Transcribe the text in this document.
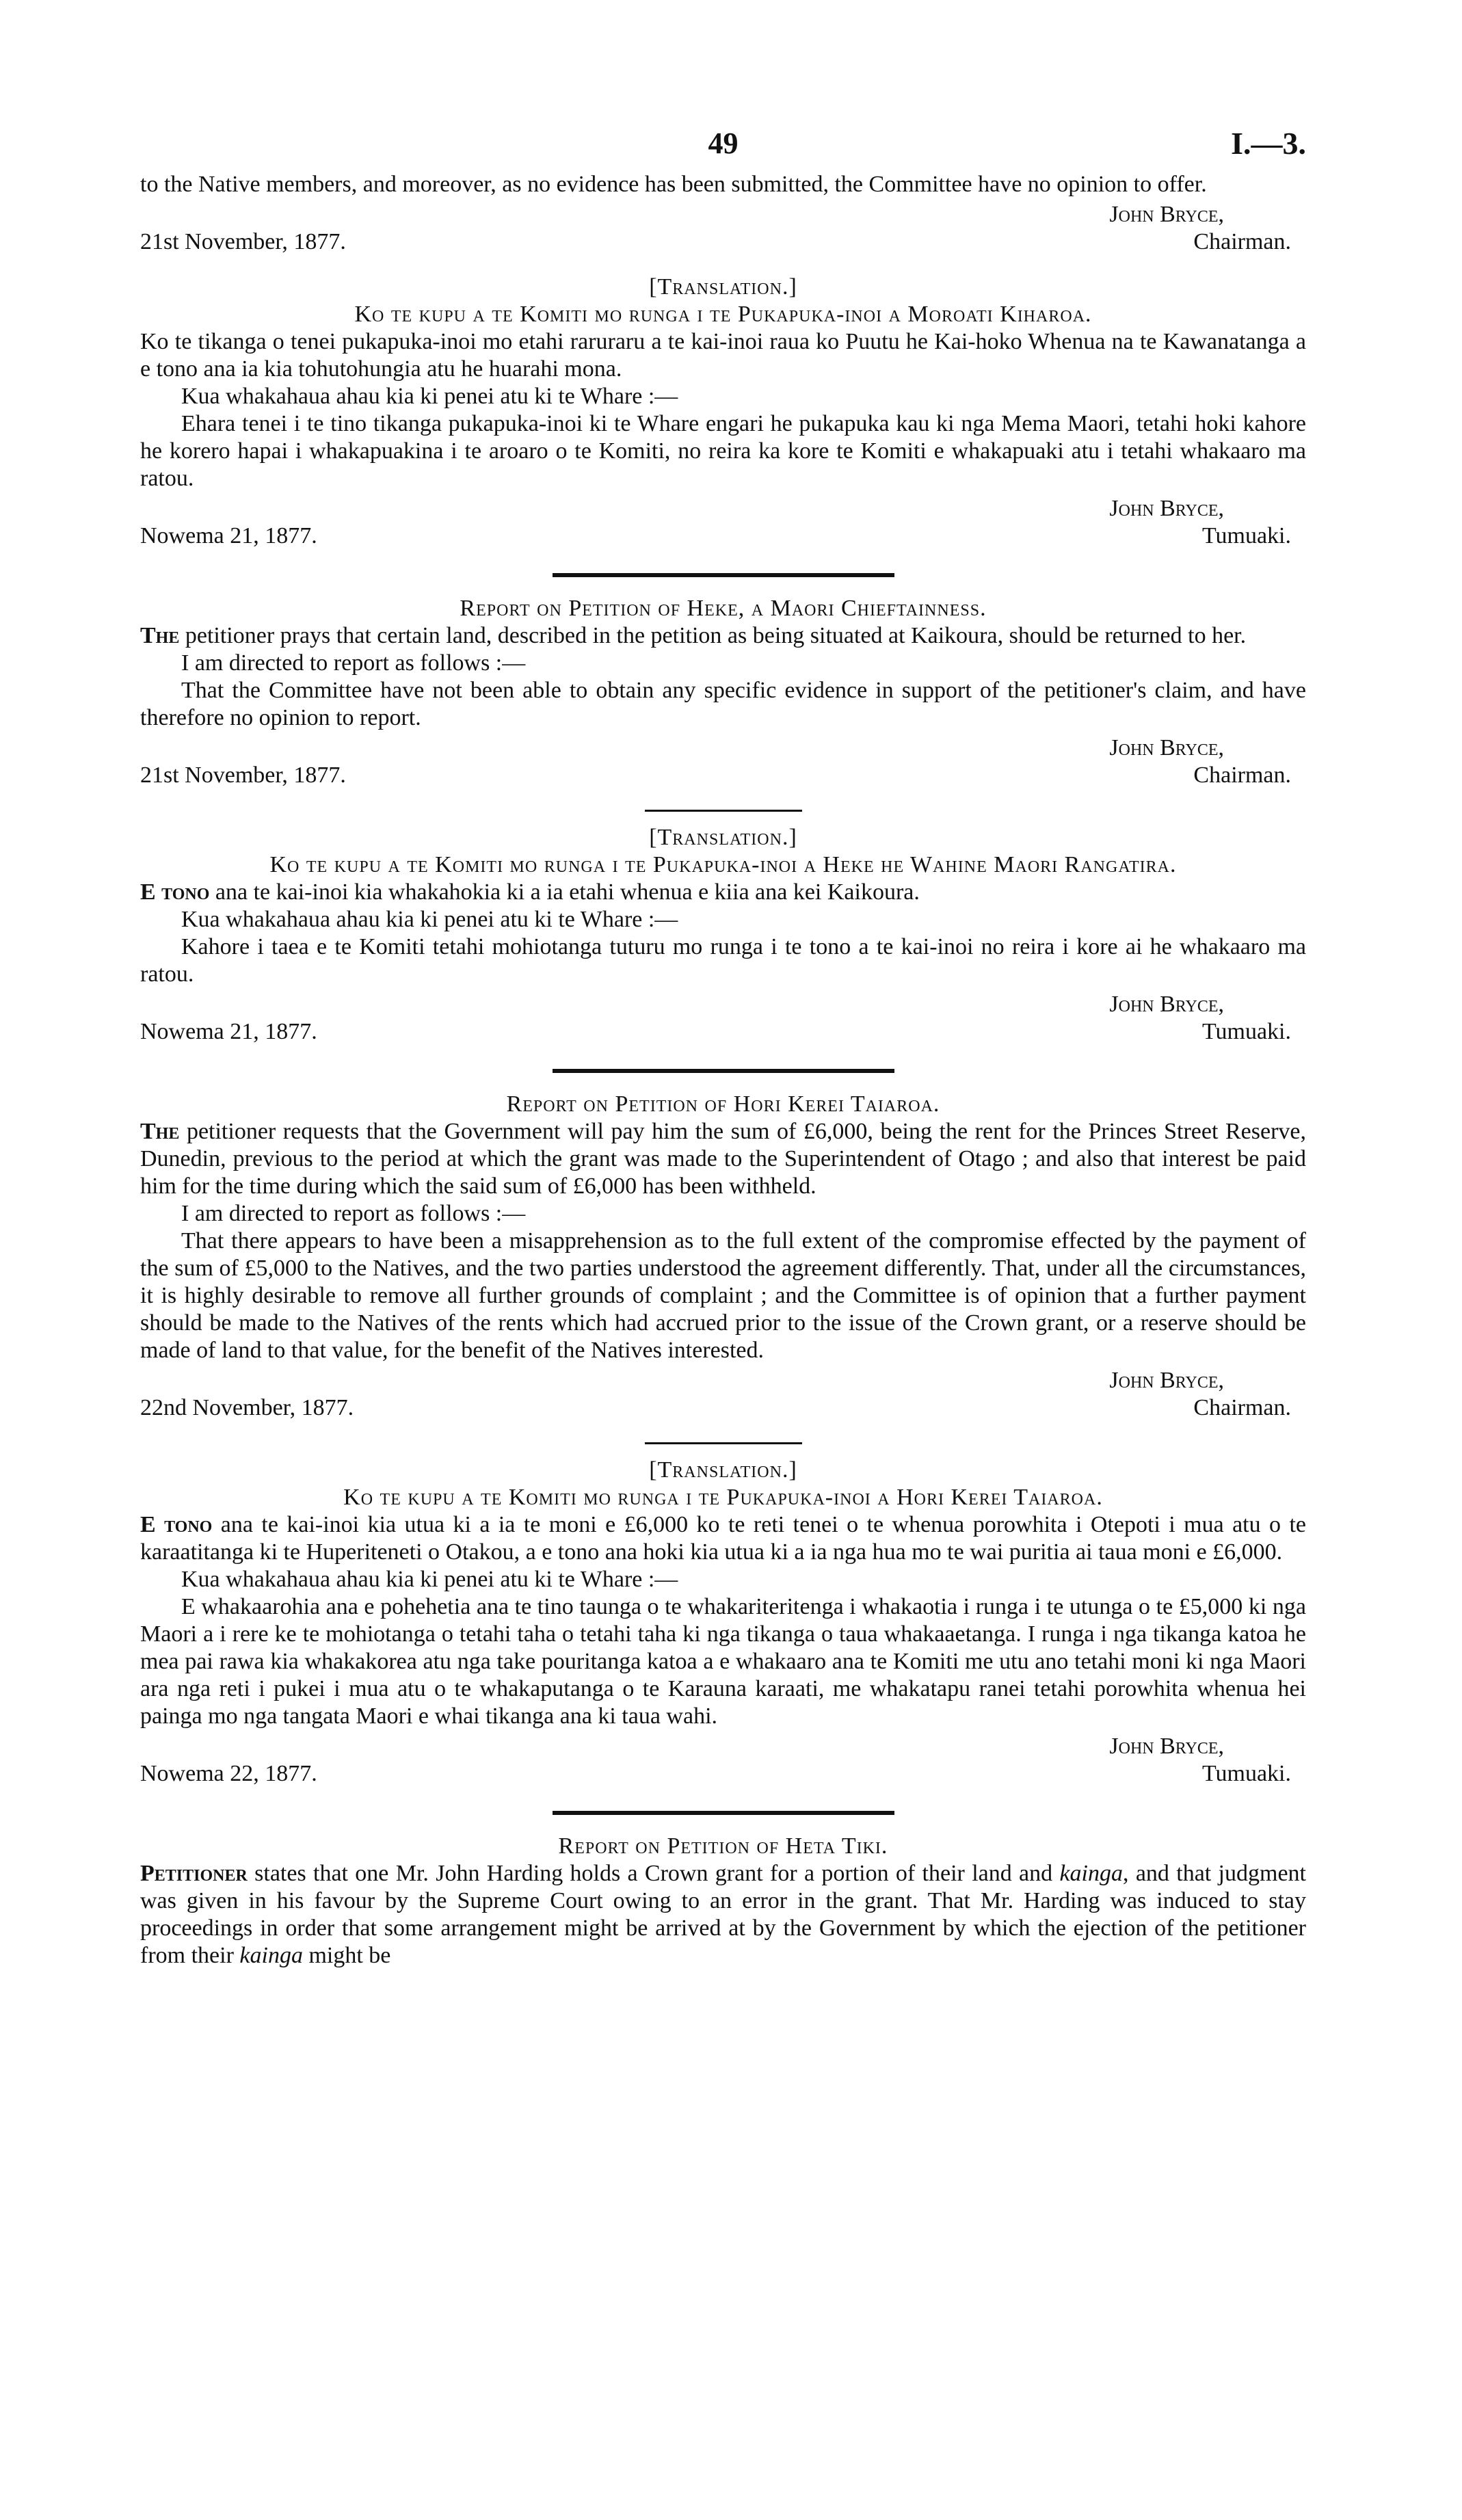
49	I.—3.

to the Native members, and moreover, as no evidence has been submitted, the Committee have no opinion to offer.

John Bryce,
Chairman.
21st November, 1877.

[Translation.]

Ko te kupu a te Komiti mo runga i te Pukapuka-inoi a Moroati Kiharoa.

Ko te tikanga o tenei pukapuka-inoi mo etahi raruraru a te kai-inoi raua ko Puutu he Kai-hoko Whenua na te Kawanatanga a e tono ana ia kia tohutohungia atu he huarahi mona.

Kua whakahaua ahau kia ki penei atu ki te Whare :—

Ehara tenei i te tino tikanga pukapuka-inoi ki te Whare engari he pukapuka kau ki nga Mema Maori, tetahi hoki kahore he korero hapai i whakapuakina i te aroaro o te Komiti, no reira ka kore te Komiti e whakapuaki atu i tetahi whakaaro ma ratou.

John Bryce,
Tumuaki.
Nowema 21, 1877.

Report on Petition of Heke, a Maori Chieftainness.

The petitioner prays that certain land, described in the petition as being situated at Kaikoura, should be returned to her.

I am directed to report as follows :—

That the Committee have not been able to obtain any specific evidence in support of the petitioner's claim, and have therefore no opinion to report.

John Bryce,
Chairman.
21st November, 1877.

[Translation.]

Ko te kupu a te Komiti mo runga i te Pukapuka-inoi a Heke he Wahine Maori Rangatira.

E tono ana te kai-inoi kia whakahokia ki a ia etahi whenua e kiia ana kei Kaikoura.

Kua whakahaua ahau kia ki penei atu ki te Whare :—

Kahore i taea e te Komiti tetahi mohiotanga tuturu mo runga i te tono a te kai-inoi no reira i kore ai he whakaaro ma ratou.

John Bryce,
Tumuaki.
Nowema 21, 1877.

Report on Petition of Hori Kerei Taiaroa.

The petitioner requests that the Government will pay him the sum of £6,000, being the rent for the Princes Street Reserve, Dunedin, previous to the period at which the grant was made to the Superintendent of Otago ; and also that interest be paid him for the time during which the said sum of £6,000 has been withheld.

I am directed to report as follows :—

That there appears to have been a misapprehension as to the full extent of the compromise effected by the payment of the sum of £5,000 to the Natives, and the two parties understood the agreement differently. That, under all the circumstances, it is highly desirable to remove all further grounds of complaint ; and the Committee is of opinion that a further payment should be made to the Natives of the rents which had accrued prior to the issue of the Crown grant, or a reserve should be made of land to that value, for the benefit of the Natives interested.

John Bryce,
Chairman.
22nd November, 1877.

[Translation.]

Ko te kupu a te Komiti mo runga i te Pukapuka-inoi a Hori Kerei Taiaroa.

E tono ana te kai-inoi kia utua ki a ia te moni e £6,000 ko te reti tenei o te whenua porowhita i Otepoti i mua atu o te karaatitanga ki te Huperiteneti o Otakou, a e tono ana hoki kia utua ki a ia nga hua mo te wai puritia ai taua moni e £6,000.

Kua whakahaua ahau kia ki penei atu ki te Whare :—

E whakaarohia ana e pohehetia ana te tino taunga o te whakariteritenga i whakaotia i runga i te utunga o te £5,000 ki nga Maori a i rere ke te mohiotanga o tetahi taha o tetahi taha ki nga tikanga o taua whakaaetanga. I runga i nga tikanga katoa he mea pai rawa kia whakakorea atu nga take pouritanga katoa a e whakaaro ana te Komiti me utu ano tetahi moni ki nga Maori ara nga reti i pukei i mua atu o te whakaputanga o te Karauna karaati, me whakatapu ranei tetahi porowhita whenua hei painga mo nga tangata Maori e whai tikanga ana ki taua wahi.

John Bryce,
Tumuaki.
Nowema 22, 1877.

Report on Petition of Heta Tiki.

Petitioner states that one Mr. John Harding holds a Crown grant for a portion of their land and kainga, and that judgment was given in his favour by the Supreme Court owing to an error in the grant. That Mr. Harding was induced to stay proceedings in order that some arrangement might be arrived at by the Government by which the ejection of the petitioner from their kainga might be
